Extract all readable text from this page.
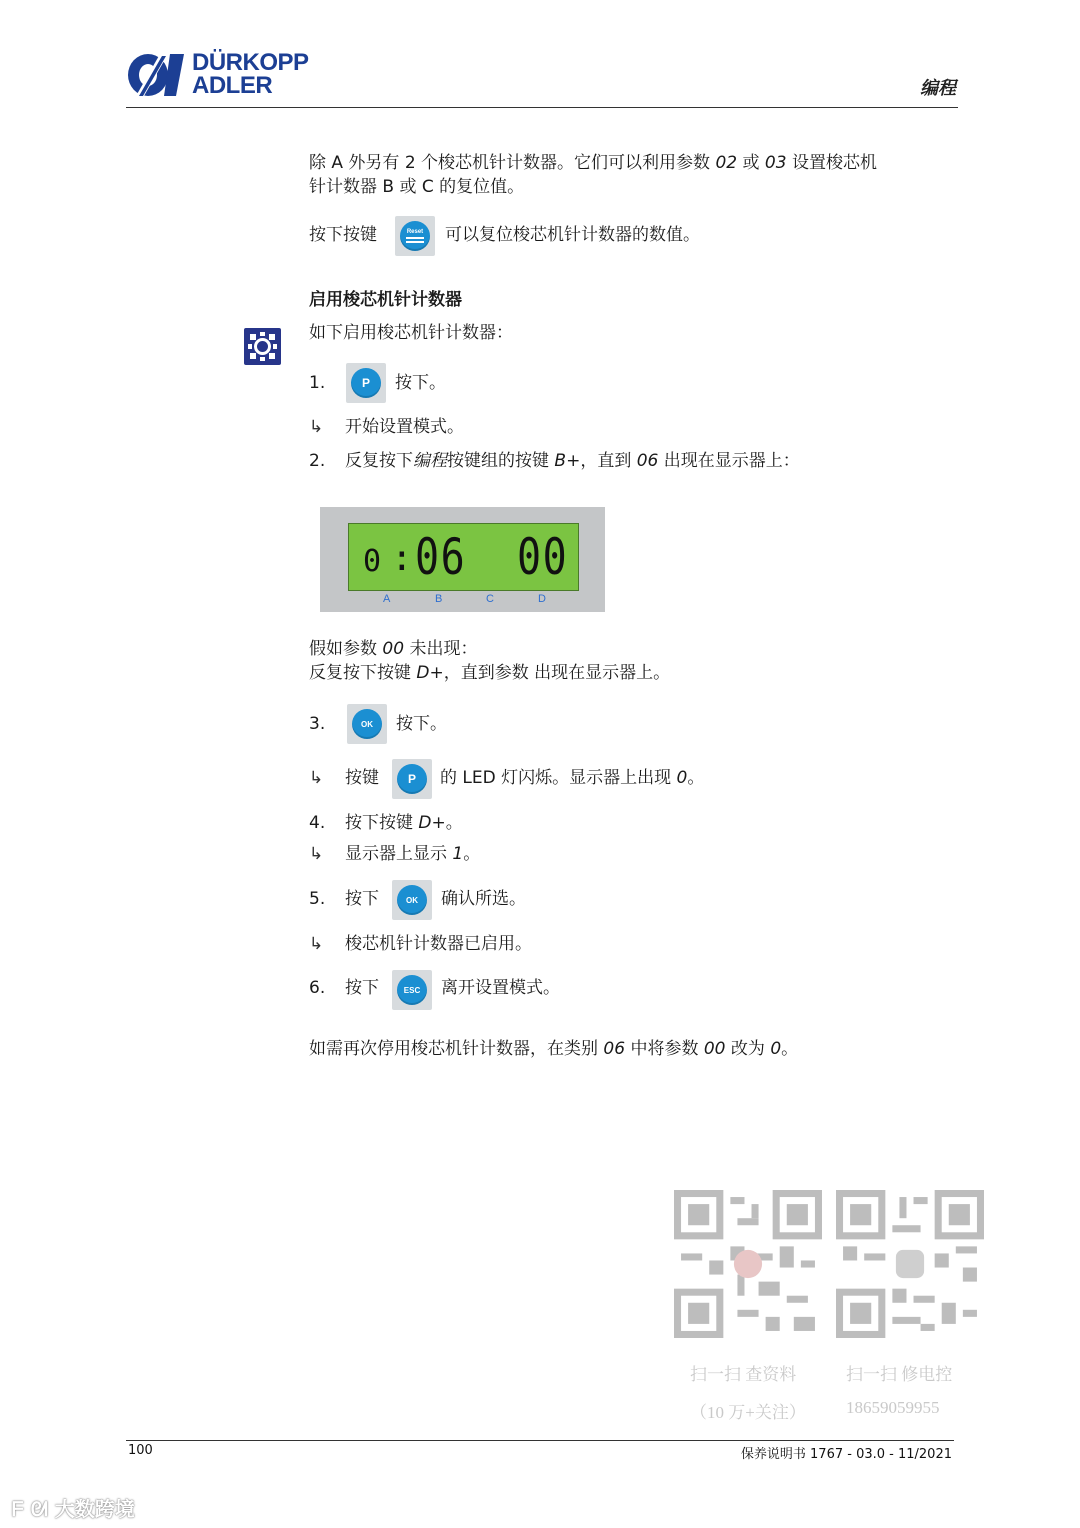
DÜRKOPP
ADLER	编程
除 A 外另有 2 个梭芯机针计数器。它们可以利用参数 02 或 03 设置梭芯机
针计数器 B 或 C 的复位值。
按下按键	Reset 可以复位梭芯机针计数器的数值。
启用梭芯机针计数器
如下启用梭芯机针计数器：
1.	P	按下。
↳	开始设置模式。
2.	反复按下编程按键组的按键 B+，直到 06 出现在显示器上：
0 : 06 00
A	B	C	D
假如参数 00 未出现：
反复按下按键 D+，直到参数 出现在显示器上。
3.	OK	按下。
↳	按键	P	的 LED 灯闪烁。显示器上出现 0。
4.	按下按键 D+。
↳	显示器上显示 1。
5.	按下	OK	确认所选。
↳	梭芯机针计数器已启用。
6.	按下	ESC	离开设置模式。
如需再次停用梭芯机针计数器，在类别 06 中将参数 00 改为 0。
扫一扫 查资料
（10 万+关注）
扫一扫 修电控
18659059955
100	保养说明书 1767 - 03.0 - 11/2021
ᖴ ᘛ 大数跨境
